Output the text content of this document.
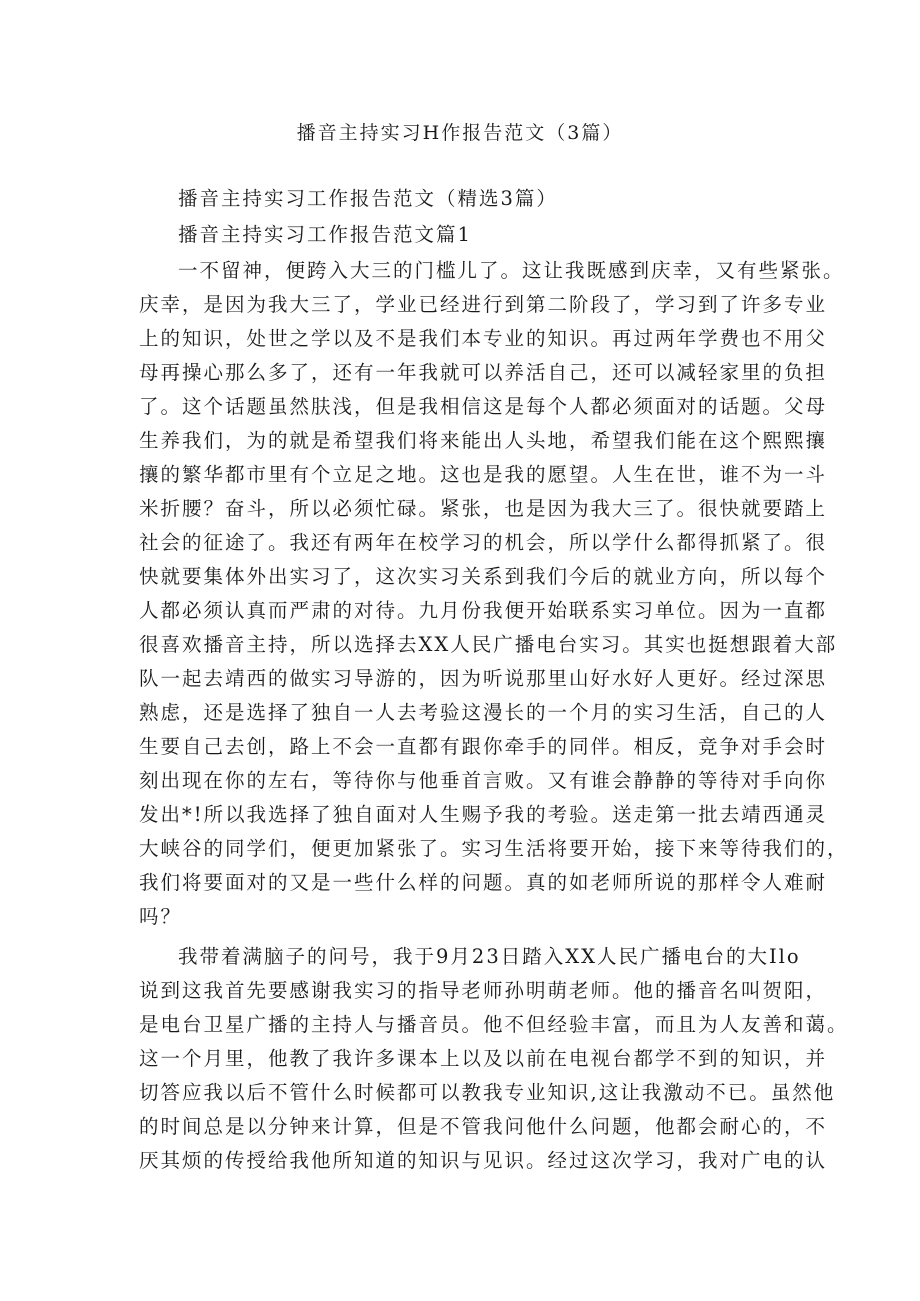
播音主持实习H作报告范文（3篇）
播音主持实习工作报告范文（精选3篇）
播音主持实习工作报告范文篇1
一不留神，便跨入大三的门槛儿了。这让我既感到庆幸，又有些紧张。
庆幸，是因为我大三了，学业已经进行到第二阶段了，学习到了许多专业
上的知识，处世之学以及不是我们本专业的知识。再过两年学费也不用父
母再操心那么多了，还有一年我就可以养活自己，还可以减轻家里的负担
了。这个话题虽然肤浅，但是我相信这是每个人都必须面对的话题。父母
生养我们，为的就是希望我们将来能出人头地，希望我们能在这个熙熙攘
攘的繁华都市里有个立足之地。这也是我的愿望。人生在世，谁不为一斗
米折腰？奋斗，所以必须忙碌。紧张，也是因为我大三了。很快就要踏上
社会的征途了。我还有两年在校学习的机会，所以学什么都得抓紧了。很
快就要集体外出实习了，这次实习关系到我们今后的就业方向，所以每个
人都必须认真而严肃的对待。九月份我便开始联系实习单位。因为一直都
很喜欢播音主持，所以选择去XX人民广播电台实习。其实也挺想跟着大部
队一起去靖西的做实习导游的，因为听说那里山好水好人更好。经过深思
熟虑，还是选择了独自一人去考验这漫长的一个月的实习生活，自己的人
生要自己去创，路上不会一直都有跟你牵手的同伴。相反，竞争对手会时
刻出现在你的左右，等待你与他垂首言败。又有谁会静静的等待对手向你
发出*!所以我选择了独自面对人生赐予我的考验。送走第一批去靖西通灵
大峡谷的同学们，便更加紧张了。实习生活将要开始，接下来等待我们的，
我们将要面对的又是一些什么样的问题。真的如老师所说的那样令人难耐
吗？
我带着满脑子的问号，我于9月23日踏入XX人民广播电台的大Ilo
说到这我首先要感谢我实习的指导老师孙明萌老师。他的播音名叫贺阳，
是电台卫星广播的主持人与播音员。他不但经验丰富，而且为人友善和蔼。
这一个月里，他教了我许多课本上以及以前在电视台都学不到的知识，并
切答应我以后不管什么时候都可以教我专业知识,这让我激动不已。虽然他
的时间总是以分钟来计算，但是不管我问他什么问题，他都会耐心的，不
厌其烦的传授给我他所知道的知识与见识。经过这次学习，我对广电的认
